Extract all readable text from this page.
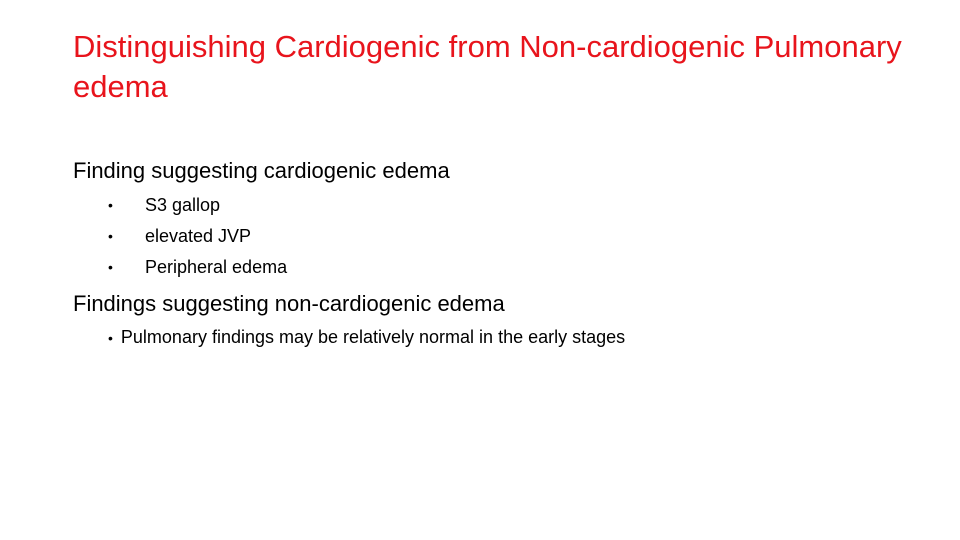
Distinguishing Cardiogenic from Non-cardiogenic Pulmonary edema

Finding suggesting cardiogenic edema

• S3 gallop
• elevated JVP
• Peripheral edema

Findings suggesting non-cardiogenic edema

• Pulmonary findings may be relatively normal in the early stages
